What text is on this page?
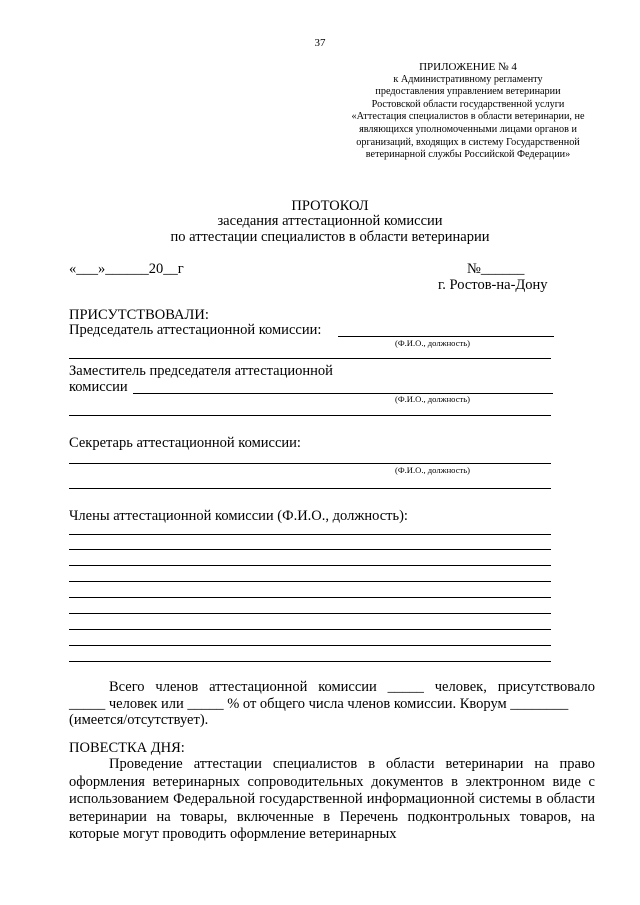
37
ПРИЛОЖЕНИЕ № 4
к Административному регламенту
предоставления управлением ветеринарии
Ростовской области государственной услуги
«Аттестация специалистов в области ветеринарии, не
являющихся уполномоченными лицами органов и
организаций, входящих в систему Государственной
ветеринарной службы Российской Федерации»
ПРОТОКОЛ
заседания аттестационной комиссии
по аттестации специалистов в области ветеринарии
«___»______20__г	№______
г. Ростов-на-Дону
ПРИСУТСТВОВАЛИ:
Председатель аттестационной комиссии:
(Ф.И.О., должность)
Заместитель председателя аттестационной
комиссии
(Ф.И.О., должность)
Секретарь аттестационной комиссии:
(Ф.И.О., должность)
Члены аттестационной комиссии (Ф.И.О., должность):
Всего членов аттестационной комиссии _____ человек, присутствовало
_____ человек или _____ % от общего числа членов комиссии. Кворум ________
(имеется/отсутствует).
ПОВЕСТКА ДНЯ:
Проведение аттестации специалистов в области ветеринарии на право оформления ветеринарных сопроводительных документов в электронном виде с использованием Федеральной государственной информационной системы в области ветеринарии на товары, включенные в Перечень подконтрольных товаров, на которые могут проводить оформление ветеринарных
